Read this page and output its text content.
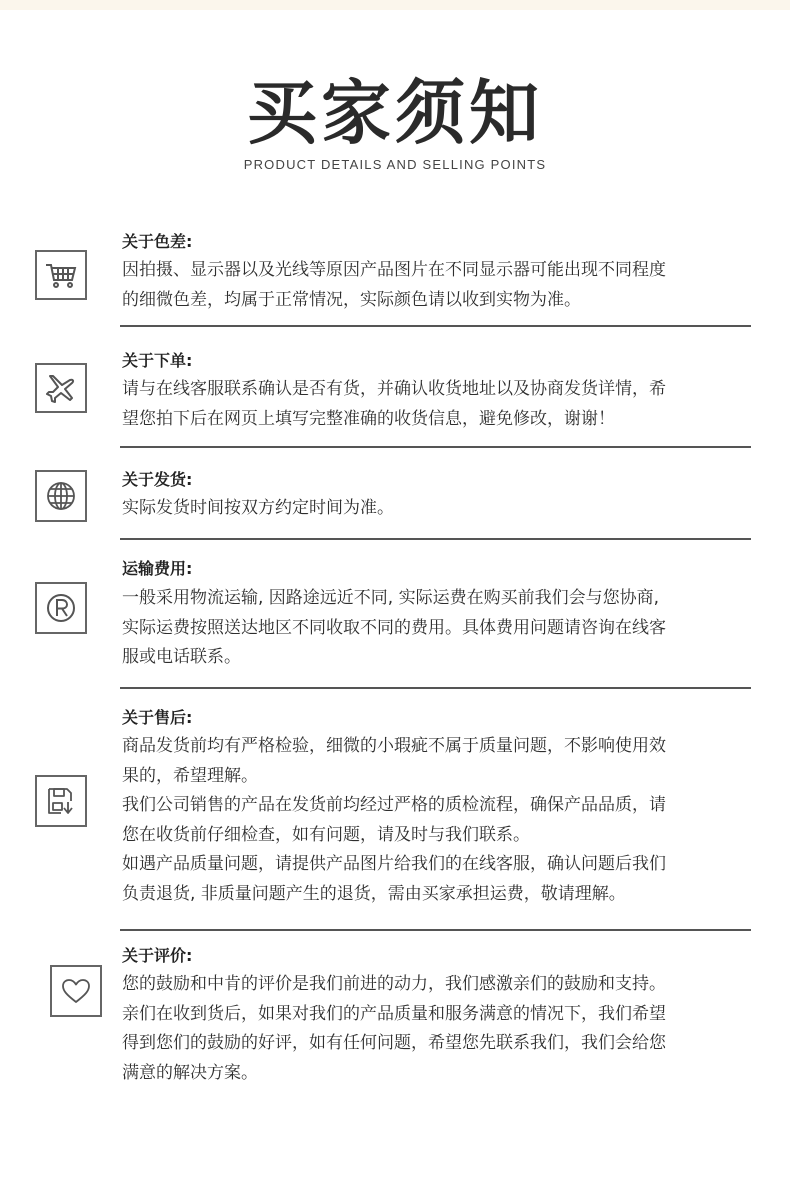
买家须知
PRODUCT DETAILS AND SELLING POINTS
关于色差:
因拍摄、显示器以及光线等原因产品图片在不同显示器可能出现不同程度
的细微色差，均属于正常情况，实际颜色请以收到实物为准。
关于下单:
请与在线客服联系确认是否有货，并确认收货地址以及协商发货详情，希
望您拍下后在网页上填写完整准确的收货信息，避免修改，谢谢！
关于发货:
实际发货时间按双方约定时间为准。
运输费用:
一般采用物流运输, 因路途远近不同, 实际运费在购买前我们会与您协商,
实际运费按照送达地区不同收取不同的费用。具体费用问题请咨询在线客
服或电话联系。
关于售后:
商品发货前均有严格检验，细微的小瑕疵不属于质量问题，不影响使用效
果的，希望理解。
我们公司销售的产品在发货前均经过严格的质检流程，确保产品品质，请
您在收货前仔细检查，如有问题，请及时与我们联系。
如遇产品质量问题，请提供产品图片给我们的在线客服，确认问题后我们
负责退货, 非质量问题产生的退货，需由买家承担运费，敬请理解。
关于评价:
您的鼓励和中肯的评价是我们前进的动力，我们感激亲们的鼓励和支持。
亲们在收到货后，如果对我们的产品质量和服务满意的情况下，我们希望
得到您们的鼓励的好评，如有任何问题，希望您先联系我们，我们会给您
满意的解决方案。
